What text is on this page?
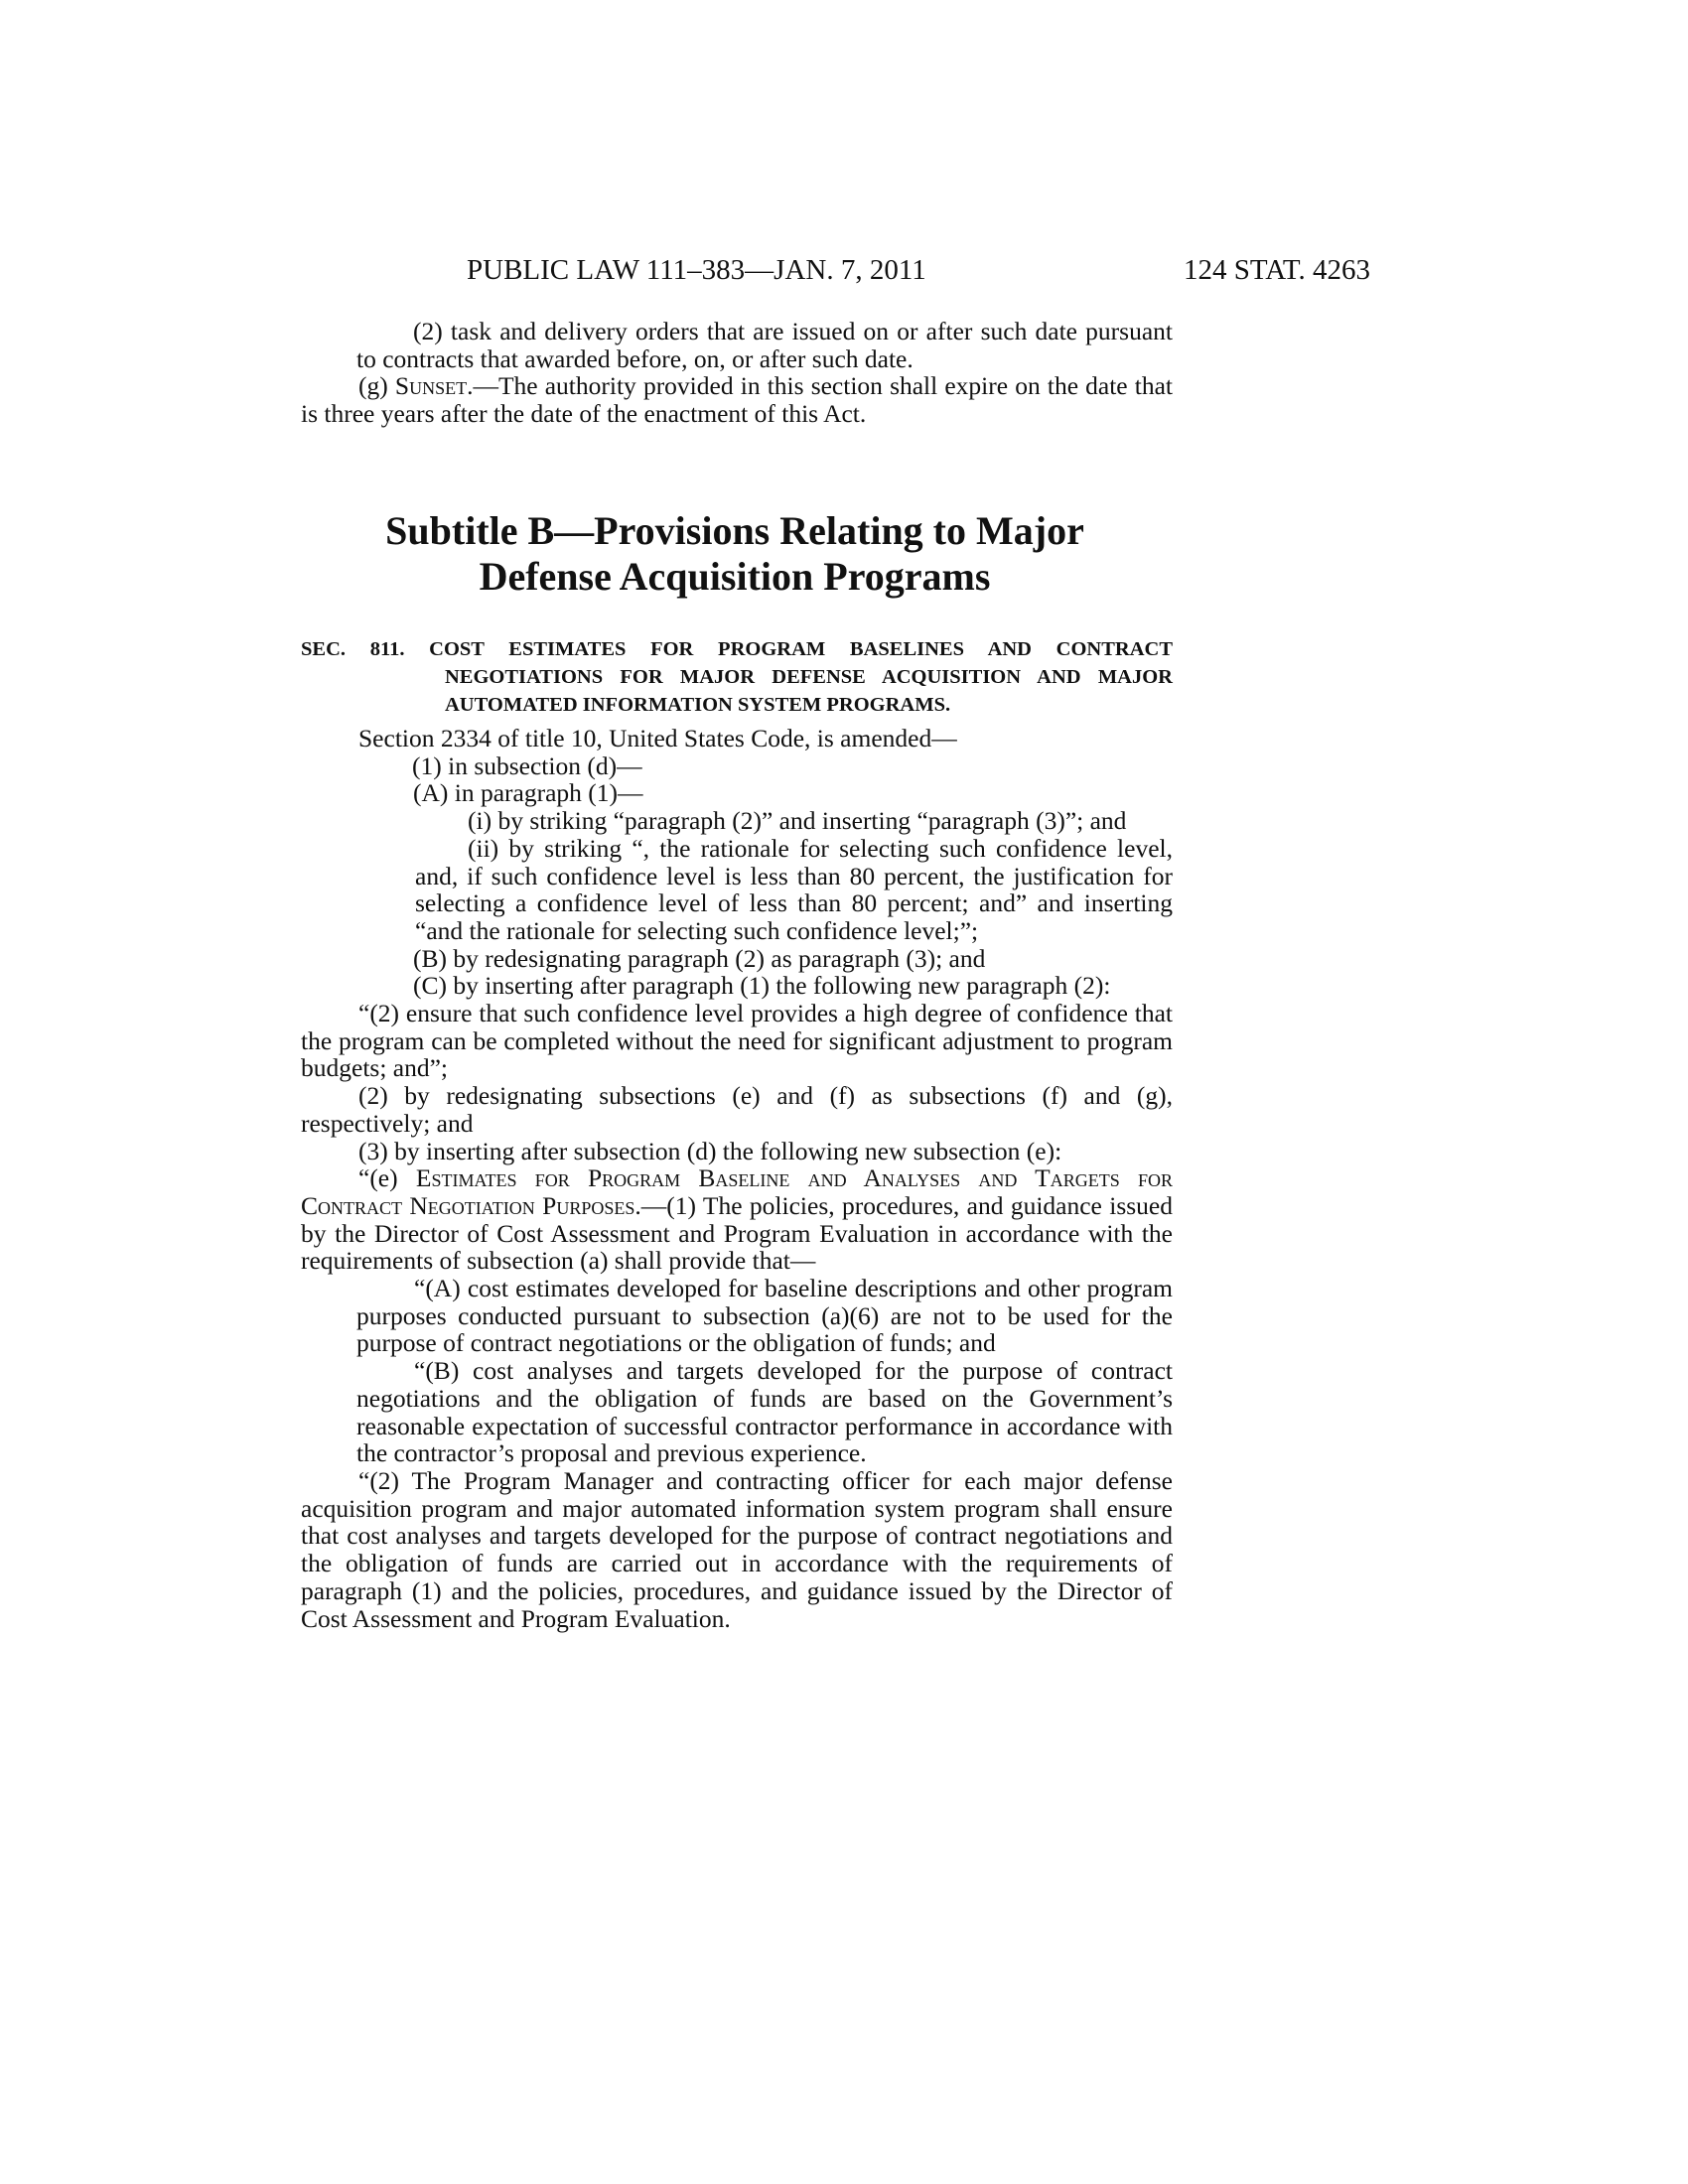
PUBLIC LAW 111–383—JAN. 7, 2011	124 STAT. 4263

(2) task and delivery orders that are issued on or after such date pursuant to contracts that awarded before, on, or after such date.

(g) Sunset.—The authority provided in this section shall expire on the date that is three years after the date of the enactment of this Act.

Subtitle B—Provisions Relating to Major
Defense Acquisition Programs
SEC. 811. COST ESTIMATES FOR PROGRAM BASELINES AND CONTRACT NEGOTIATIONS FOR MAJOR DEFENSE ACQUISITION AND MAJOR AUTOMATED INFORMATION SYSTEM PROGRAMS.

Section 2334 of title 10, United States Code, is amended—

(1) in subsection (d)—

(A) in paragraph (1)—

(i) by striking “paragraph (2)” and inserting “paragraph (3)”; and

(ii) by striking “, the rationale for selecting such confidence level, and, if such confidence level is less than 80 percent, the justification for selecting a confidence level of less than 80 percent; and” and inserting “and the rationale for selecting such confidence level;”;

(B) by redesignating paragraph (2) as paragraph (3); and

(C) by inserting after paragraph (1) the following new paragraph (2):

“(2) ensure that such confidence level provides a high degree of confidence that the program can be completed without the need for significant adjustment to program budgets; and”;

(2) by redesignating subsections (e) and (f) as subsections (f) and (g), respectively; and

(3) by inserting after subsection (d) the following new subsection (e):

“(e) Estimates for Program Baseline and Analyses and Targets for Contract Negotiation Purposes.—(1) The policies, procedures, and guidance issued by the Director of Cost Assessment and Program Evaluation in accordance with the requirements of subsection (a) shall provide that—

“(A) cost estimates developed for baseline descriptions and other program purposes conducted pursuant to subsection (a)(6) are not to be used for the purpose of contract negotiations or the obligation of funds; and

“(B) cost analyses and targets developed for the purpose of contract negotiations and the obligation of funds are based on the Government’s reasonable expectation of successful contractor performance in accordance with the contractor’s proposal and previous experience.

“(2) The Program Manager and contracting officer for each major defense acquisition program and major automated information system program shall ensure that cost analyses and targets developed for the purpose of contract negotiations and the obligation of funds are carried out in accordance with the requirements of paragraph (1) and the policies, procedures, and guidance issued by the Director of Cost Assessment and Program Evaluation.
